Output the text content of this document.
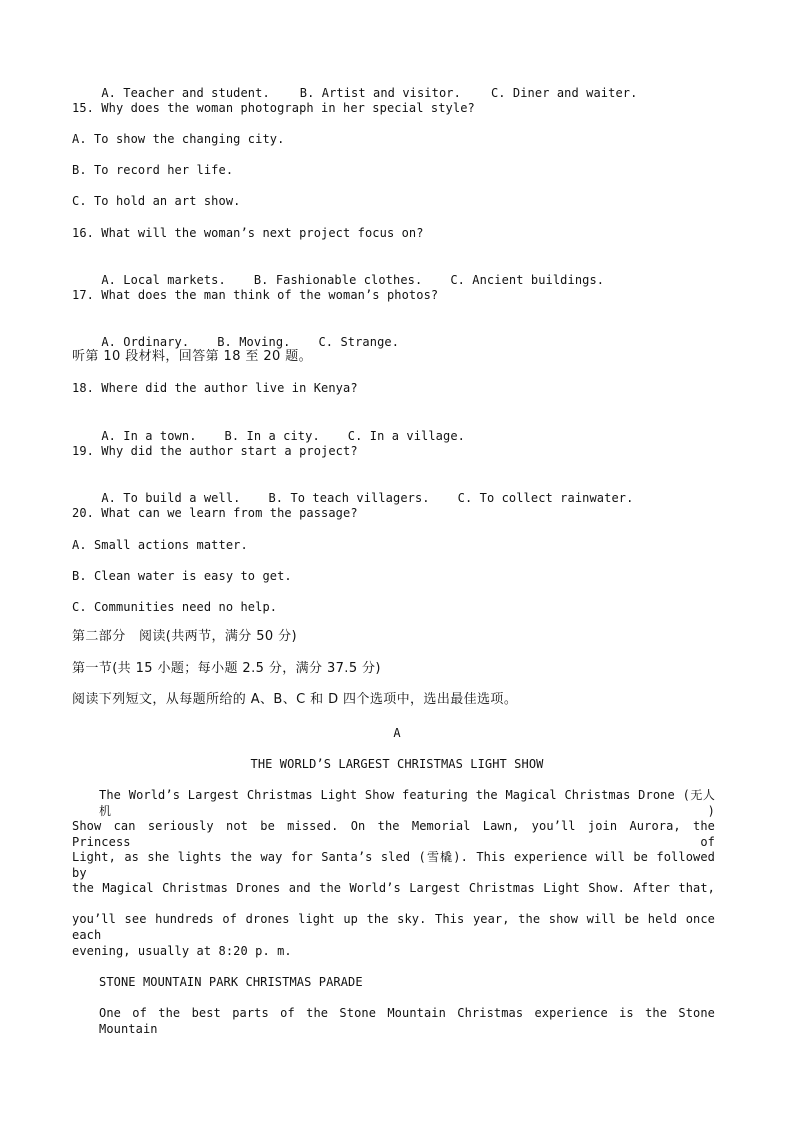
A. Teacher and student.	B. Artist and visitor.	C. Diner and waiter.

15. Why does the woman photograph in her special style?
A. To show the changing city.
B. To record her life.
C. To hold an art show.
16. What will the woman’s next project focus on?

A. Local markets. B. Fashionable clothes. C. Ancient buildings.

17. What does the man think of the woman’s photos?

A. Ordinary. B. Moving. C. Strange.

听第 10 段材料，回答第 18 至 20 题。
18. Where did the author live in Kenya?

A. In a town. B. In a city. C. In a village.

19. Why did the author start a project?

A. To build a well. B. To teach villagers. C. To collect rainwater.

20. What can we learn from the passage?
A. Small actions matter.
B. Clean water is easy to get.
C. Communities need no help.
第二部分　阅读(共两节，满分 50 分)
第一节(共 15 小题；每小题 2.5 分，满分 37.5 分)
阅读下列短文，从每题所给的 A、B、C 和 D 四个选项中，选出最佳选项。
A
THE WORLD’S LARGEST CHRISTMAS LIGHT SHOW
The World’s Largest Christmas Light Show featuring the Magical Christmas Drone (无人机)
Show can seriously not be missed. On the Memorial Lawn, you’ll join Aurora, the Princess of
Light, as she lights the way for Santa’s sled (雪橇). This experience will be followed by
the Magical Christmas Drones and the World’s Largest Christmas Light Show. After that,
you’ll see hundreds of drones light up the sky. This year, the show will be held once each
evening, usually at 8:20 p. m.
STONE MOUNTAIN PARK CHRISTMAS PARADE
One of the best parts of the Stone Mountain Christmas experience is the Stone Mountain
